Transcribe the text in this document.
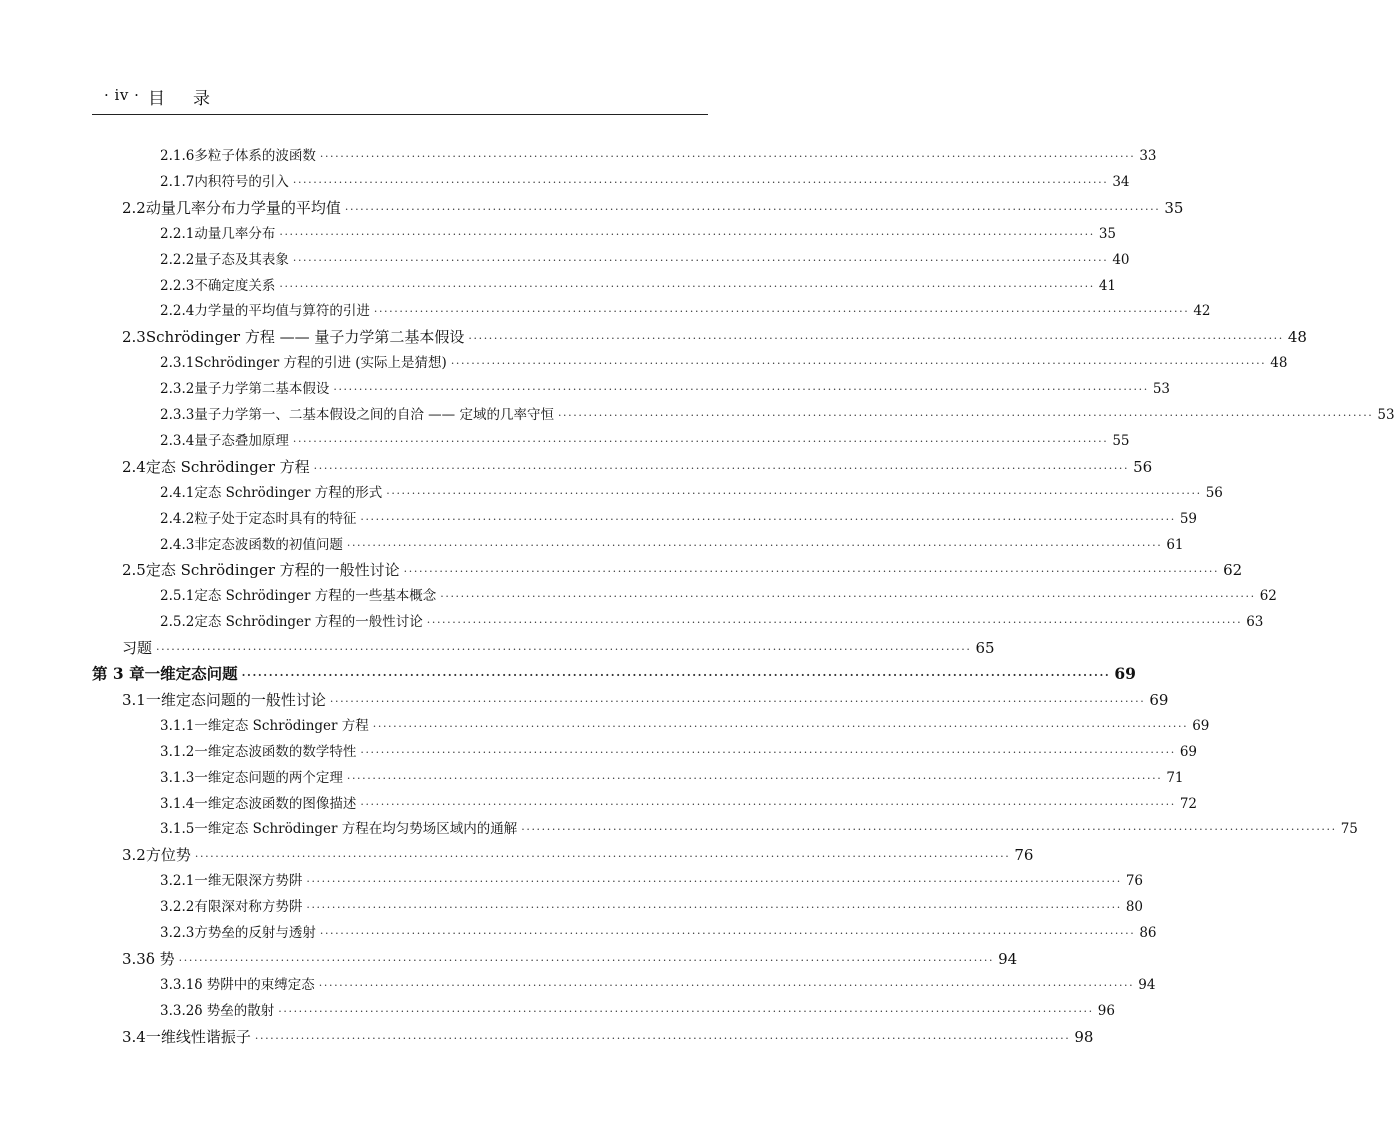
· iv · 目录
2.1.6 多粒子体系的波函数 ································································································································································ 33
2.1.7 内积符号的引入 ································································································································································ 34
2.2 动量几率分布力学量的平均值 ································································································································································ 35
2.2.1 动量几率分布 ································································································································································ 35
2.2.2 量子态及其表象 ································································································································································ 40
2.2.3 不确定度关系 ································································································································································ 41
2.2.4 力学量的平均值与算符的引进 ································································································································································ 42
2.3 Schrödinger 方程 —— 量子力学第二基本假设 ································································································································································ 48
2.3.1 Schrödinger 方程的引进 (实际上是猜想) ································································································································································ 48
2.3.2 量子力学第二基本假设 ································································································································································ 53
2.3.3 量子力学第一、二基本假设之间的自洽 —— 定域的几率守恒 ································································································································································ 53
2.3.4 量子态叠加原理 ································································································································································ 55
2.4 定态 Schrödinger 方程 ································································································································································ 56
2.4.1 定态 Schrödinger 方程的形式 ································································································································································ 56
2.4.2 粒子处于定态时具有的特征 ································································································································································ 59
2.4.3 非定态波函数的初值问题 ································································································································································ 61
2.5 定态 Schrödinger 方程的一般性讨论 ································································································································································ 62
2.5.1 定态 Schrödinger 方程的一些基本概念 ································································································································································ 62
2.5.2 定态 Schrödinger 方程的一般性讨论 ································································································································································ 63
习题 ································································································································································ 65
第 3 章 一维定态问题 ································································································································································ 69
3.1 一维定态问题的一般性讨论 ································································································································································ 69
3.1.1 一维定态 Schrödinger 方程 ································································································································································ 69
3.1.2 一维定态波函数的数学特性 ································································································································································ 69
3.1.3 一维定态问题的两个定理 ································································································································································ 71
3.1.4 一维定态波函数的图像描述 ································································································································································ 72
3.1.5 一维定态 Schrödinger 方程在均匀势场区域内的通解 ································································································································································ 75
3.2 方位势 ································································································································································ 76
3.2.1 一维无限深方势阱 ································································································································································ 76
3.2.2 有限深对称方势阱 ································································································································································ 80
3.2.3 方势垒的反射与透射 ································································································································································ 86
3.3 δ 势 ································································································································································ 94
3.3.1 δ 势阱中的束缚定态 ································································································································································ 94
3.3.2 δ 势垒的散射 ································································································································································ 96
3.4 一维线性谐振子 ································································································································································ 98
